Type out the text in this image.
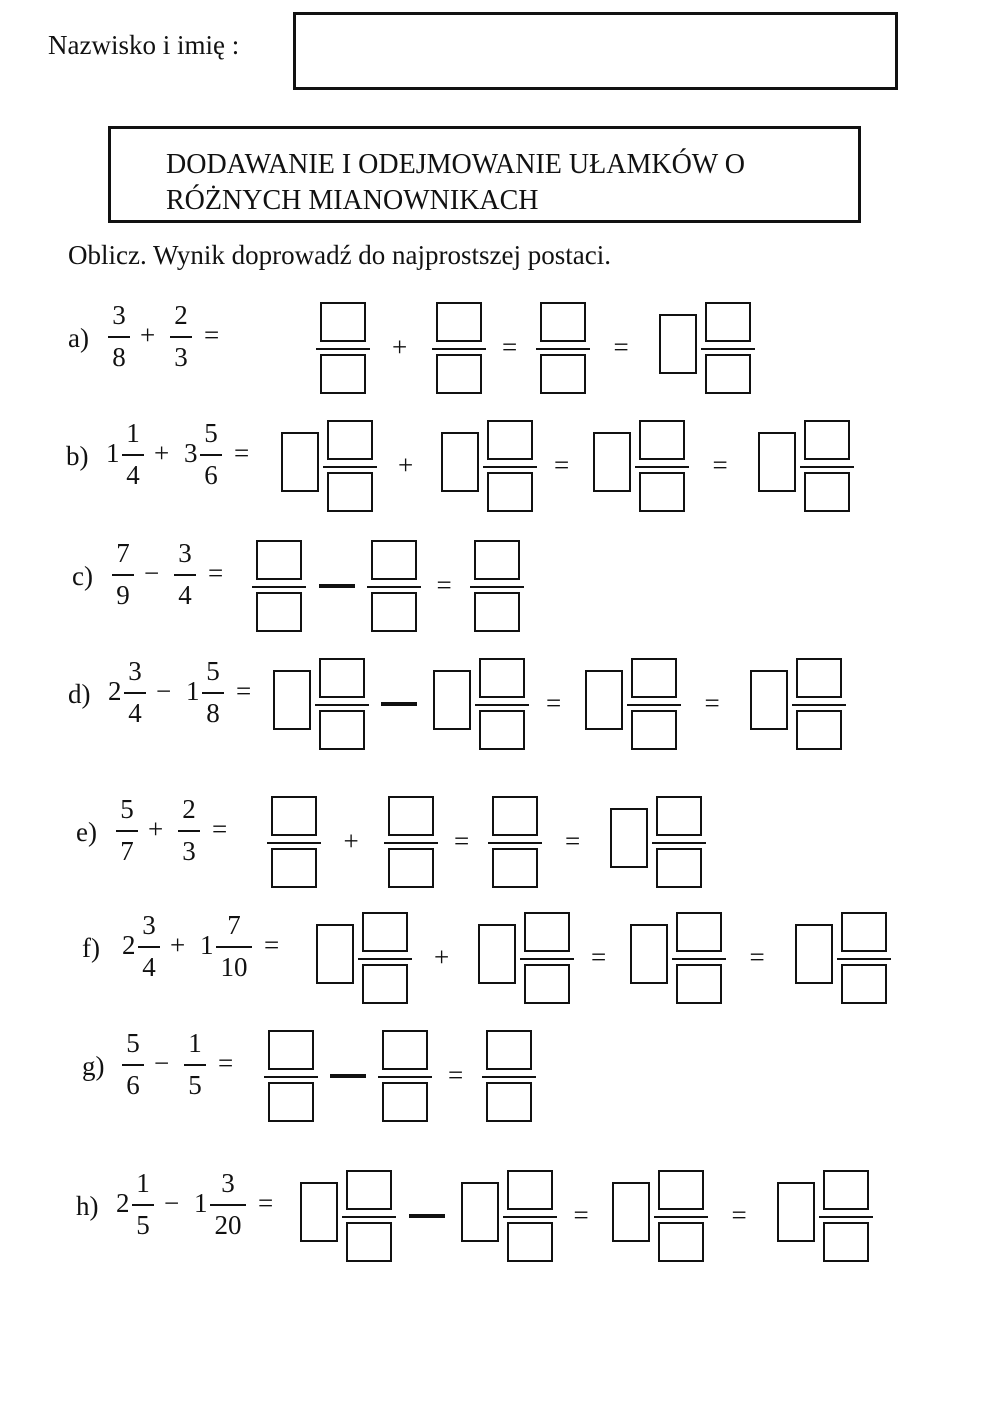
Nazwisko i imię :
DODAWANIE I ODEJMOWANIE UŁAMKÓW O RÓŻNYCH MIANOWNIKACH
Oblicz. Wynik doprowadź do najprostszej postaci.
a)
3
8
+
2
3
=	+	=	=
b) 1
1
4
+ 3
5
6
=	+	=	=
c)
7
9
−
3
4
=	=
d) 2
3
4
− 1
5
8
=	=	=
e)
5
7
+
2
3
=	+	=	=
f) 2
3
4
+ 1
7
10
=	+	=	=
g)
5
6
−
1
5
=	=
h) 2
1
5
− 1
3
20
=	=	=
